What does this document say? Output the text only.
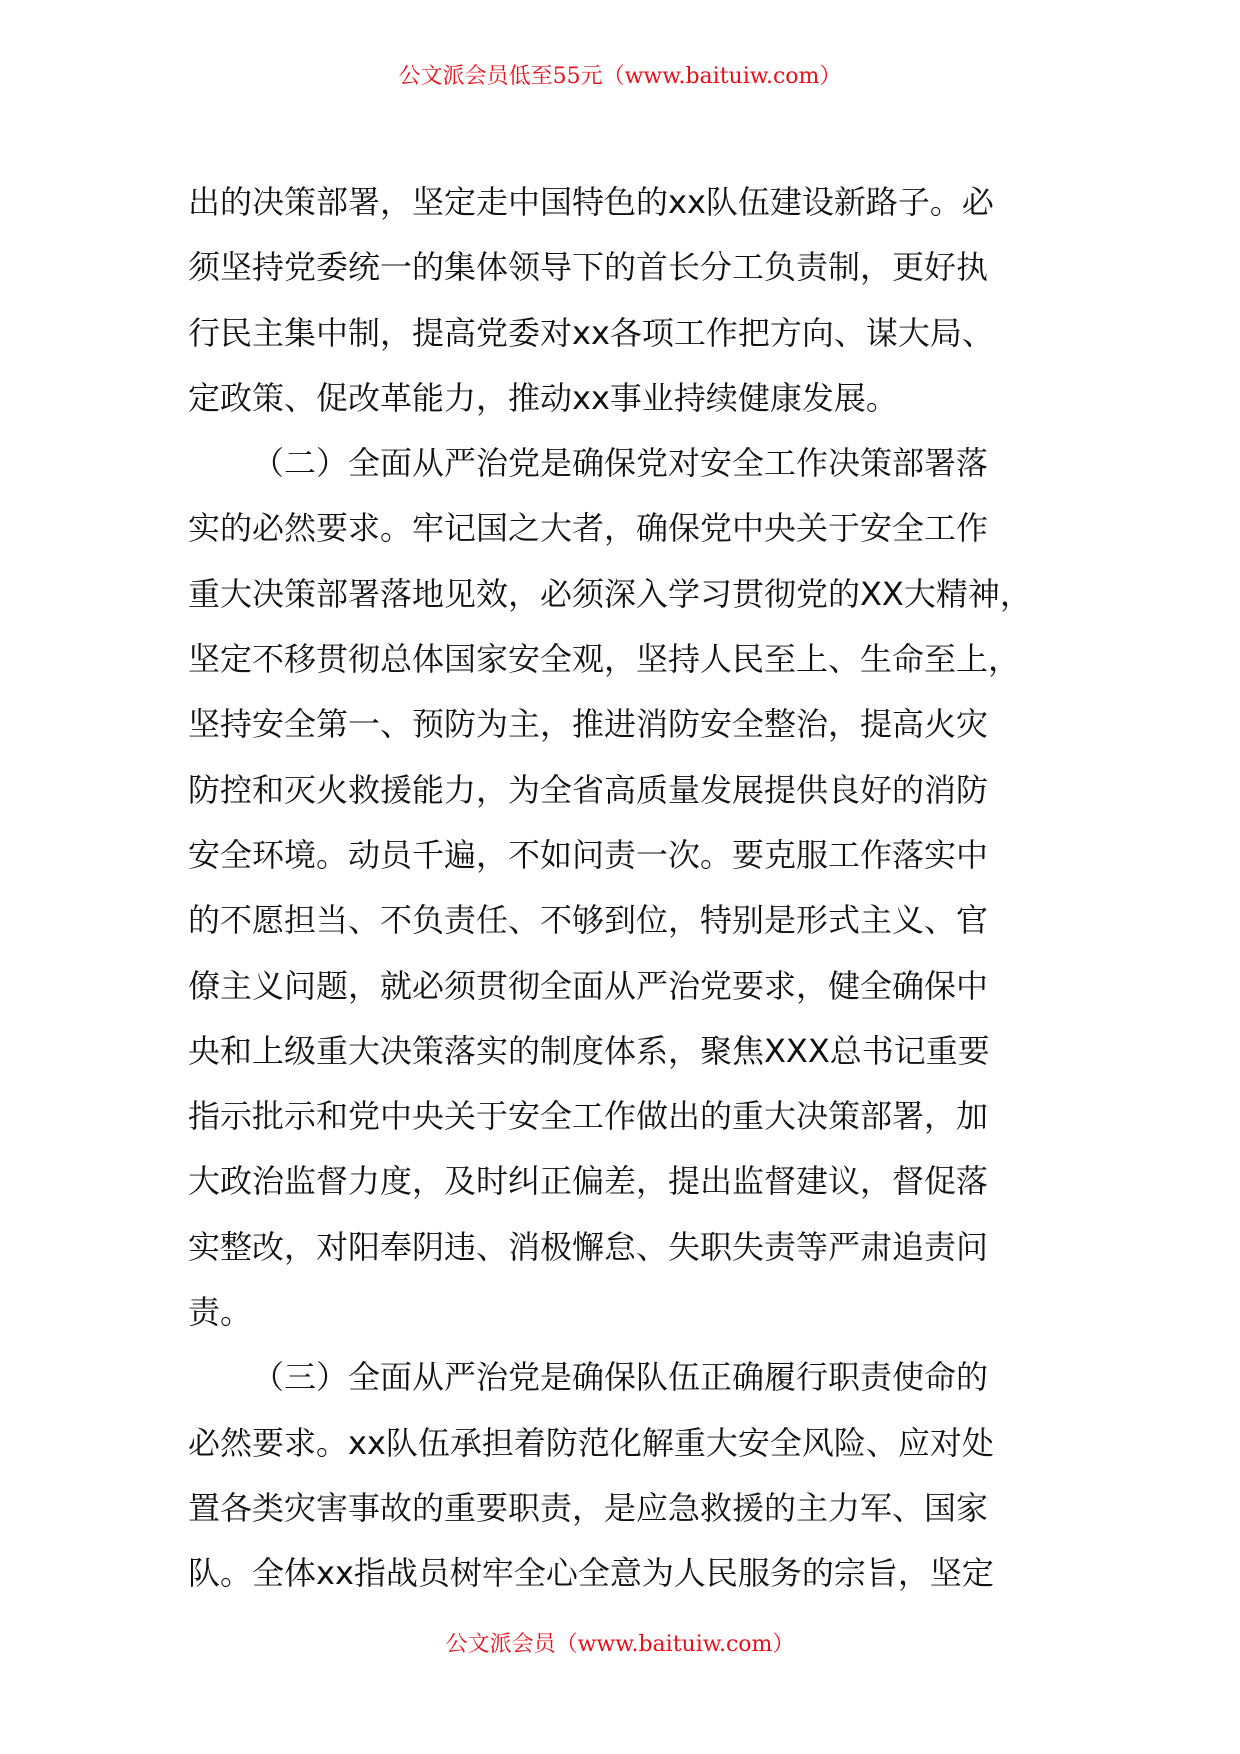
公文派会员低至55元（www.baituiw.com）
出的决策部署，坚定走中国特色的xx队伍建设新路子。必
须坚持党委统一的集体领导下的首长分工负责制，更好执
行民主集中制，提高党委对xx各项工作把方向、谋大局、
定政策、促改革能力，推动xx事业持续健康发展。
（二）全面从严治党是确保党对安全工作决策部署落
实的必然要求。牢记国之大者，确保党中央关于安全工作
重大决策部署落地见效，必须深入学习贯彻党的XX大精神，
坚定不移贯彻总体国家安全观，坚持人民至上、生命至上，
坚持安全第一、预防为主，推进消防安全整治，提高火灾
防控和灭火救援能力，为全省高质量发展提供良好的消防
安全环境。动员千遍，不如问责一次。要克服工作落实中
的不愿担当、不负责任、不够到位，特别是形式主义、官
僚主义问题，就必须贯彻全面从严治党要求，健全确保中
央和上级重大决策落实的制度体系，聚焦XXX总书记重要
指示批示和党中央关于安全工作做出的重大决策部署，加
大政治监督力度，及时纠正偏差，提出监督建议，督促落
实整改，对阳奉阴违、消极懈怠、失职失责等严肃追责问
责。
（三）全面从严治党是确保队伍正确履行职责使命的
必然要求。xx队伍承担着防范化解重大安全风险、应对处
置各类灾害事故的重要职责，是应急救援的主力军、国家
队。全体xx指战员树牢全心全意为人民服务的宗旨，坚定
公文派会员（www.baituiw.com）
